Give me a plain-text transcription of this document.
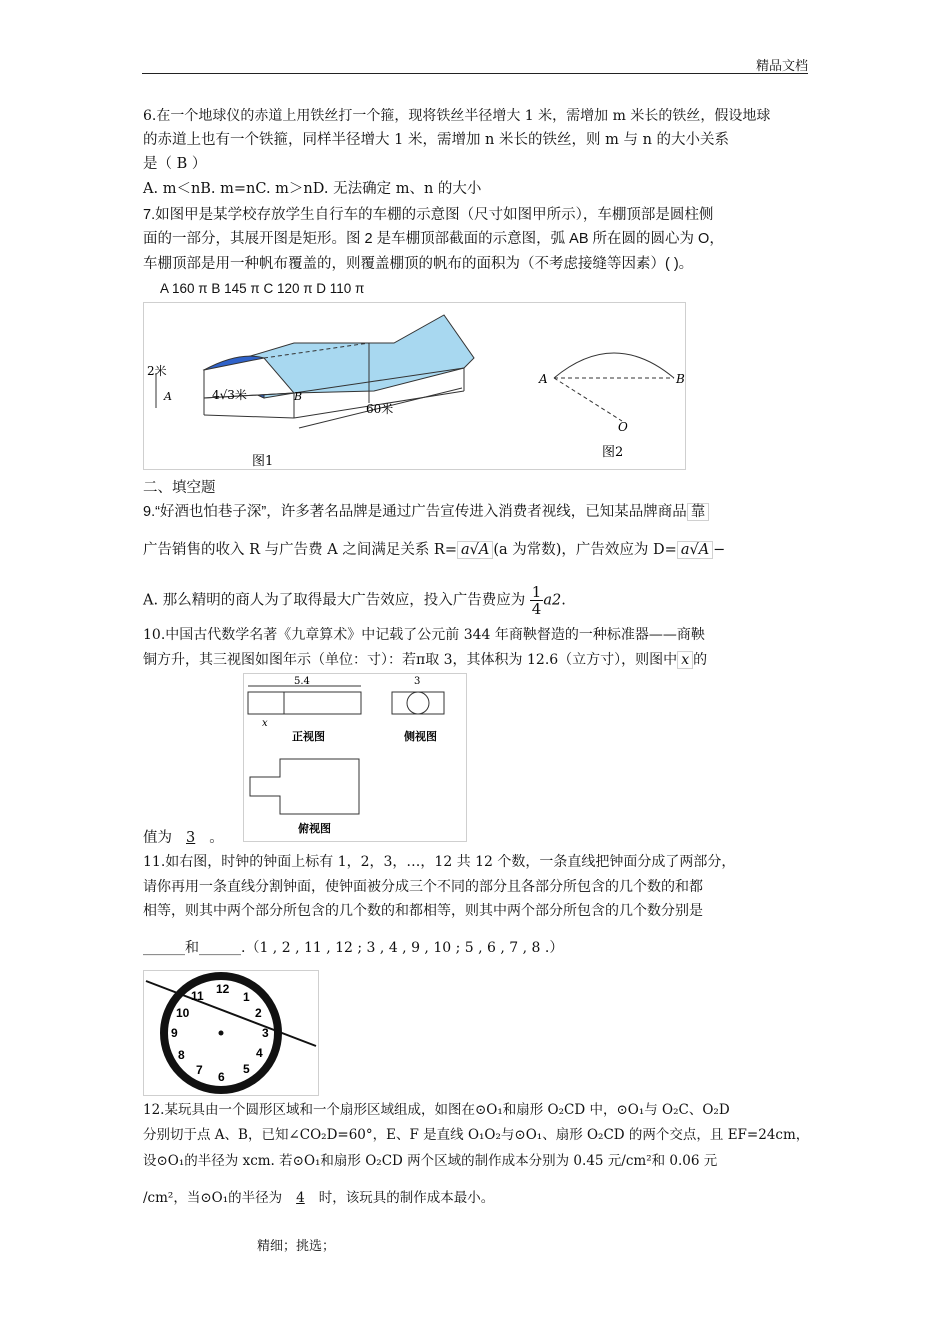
精品文档
6.在一个地球仪的赤道上用铁丝打一个箍，现将铁丝半径增大 1 米，需增加 m 米长的铁丝，假设地球
的赤道上也有一个铁箍，同样半径增大 1 米，需增加 n 米长的铁丝，则 m 与 n 的大小关系
是（ B ）
A. m＜nB. m=nC. m＞nD. 无法确定 m、n 的大小
7.如图甲是某学校存放学生自行车的车棚的示意图（尺寸如图甲所示），车棚顶部是圆柱侧
面的一部分，其展开图是矩形。图 2 是车棚顶部截面的示意图，弧 AB 所在圆的圆心为 O，
车棚顶部是用一种帆布覆盖的，则覆盖棚顶的帆布的面积为（不考虑接缝等因素）( )。
A 160 π B 145 π C 120 π D 110 π
2米
A	4√3米	B
60米
图1
A	B
O
图2
二、填空题
9.“好酒也怕巷子深”，许多著名品牌是通过广告宣传进入消费者视线，已知某品牌商品 靠
广告销售的收入 R 与广告费 A 之间满足关系 R= a√A (a 为常数)，广告效应为 D= a√A −
A. 那么精明的商人为了取得最大广告效应，投入广告费应为 $\frac{1}{4} a2$.
10.中国古代数学名著《九章算术》中记载了公元前 344 年商鞅督造的一种标准器——商鞅
铜方升，其三视图如图年示（单位：寸）：若π取 3，其体积为 12.6（立方寸），则图中 x 的
5.4
x
正视图
3
侧视图
俯视图
值为 3 。
11.如右图，时钟的钟面上标有 1，2，3，…，12 共 12 个数，一条直线把钟面分成了两部分，
请你再用一条直线分割钟面，使钟面被分成三个不同的部分且各部分所包含的几个数的和都
相等，则其中两个部分所包含的几个数的和都相等，则其中两个部分所包含的几个数分别是
______和______.（1 , 2 , 11 , 12 ; 3 , 4 , 9 , 10 ; 5 , 6 , 7 , 8 .）
12
1
2
3
4
5
6
7
8
9
10
11
12.某玩具由一个圆形区域和一个扇形区域组成，如图在⊙O₁和扇形 O₂CD 中，⊙O₁与 O₂C、O₂D
分别切于点 A、B，已知∠CO₂D=60°，E、F 是直线 O₁O₂与⊙O₁、扇形 O₂CD 的两个交点，且 EF=24cm，
设⊙O₁的半径为 xcm. 若⊙O₁和扇形 O₂CD 两个区域的制作成本分别为 0.45 元/cm²和 0.06 元
/cm²，当⊙O₁的半径为 4 时，该玩具的制作成本最小。
精细；挑选；
